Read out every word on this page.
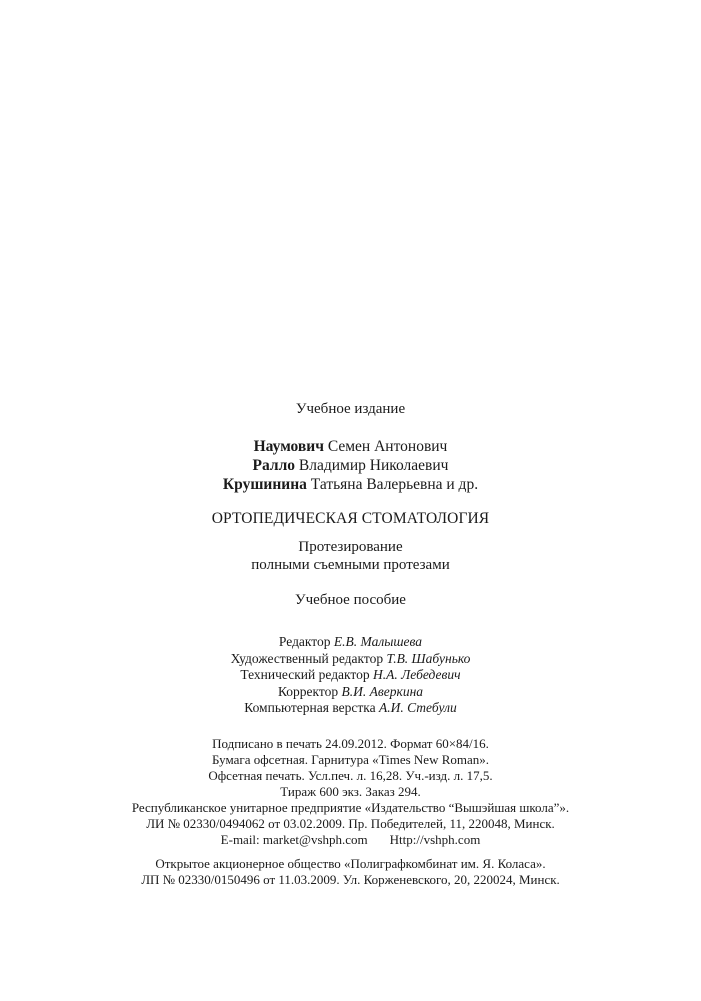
Учебное издание
Наумович Семен Антонович
Ралло Владимир Николаевич
Крушинина Татьяна Валерьевна и др.
ОРТОПЕДИЧЕСКАЯ СТОМАТОЛОГИЯ
Протезирование
полными съемными протезами
Учебное пособие
Редактор Е.В. Малышева
Художественный редактор Т.В. Шабунько
Технический редактор Н.А. Лебедевич
Корректор В.И. Аверкина
Компьютерная верстка А.И. Стебули
Подписано в печать 24.09.2012. Формат 60×84/16.
Бумага офсетная. Гарнитура «Times New Roman».
Офсетная печать. Усл.печ. л. 16,28. Уч.-изд. л. 17,5.
Тираж 600 экз. Заказ 294.
Республиканское унитарное предприятие «Издательство “Вышэйшая школа”».
ЛИ № 02330/0494062 от 03.02.2009. Пр. Победителей, 11, 220048, Минск.
E-mail: market@vshph.com Http://vshph.com
Открытое акционерное общество «Полиграфкомбинат им. Я. Коласа».
ЛП № 02330/0150496 от 11.03.2009. Ул. Корженевского, 20, 220024, Минск.
